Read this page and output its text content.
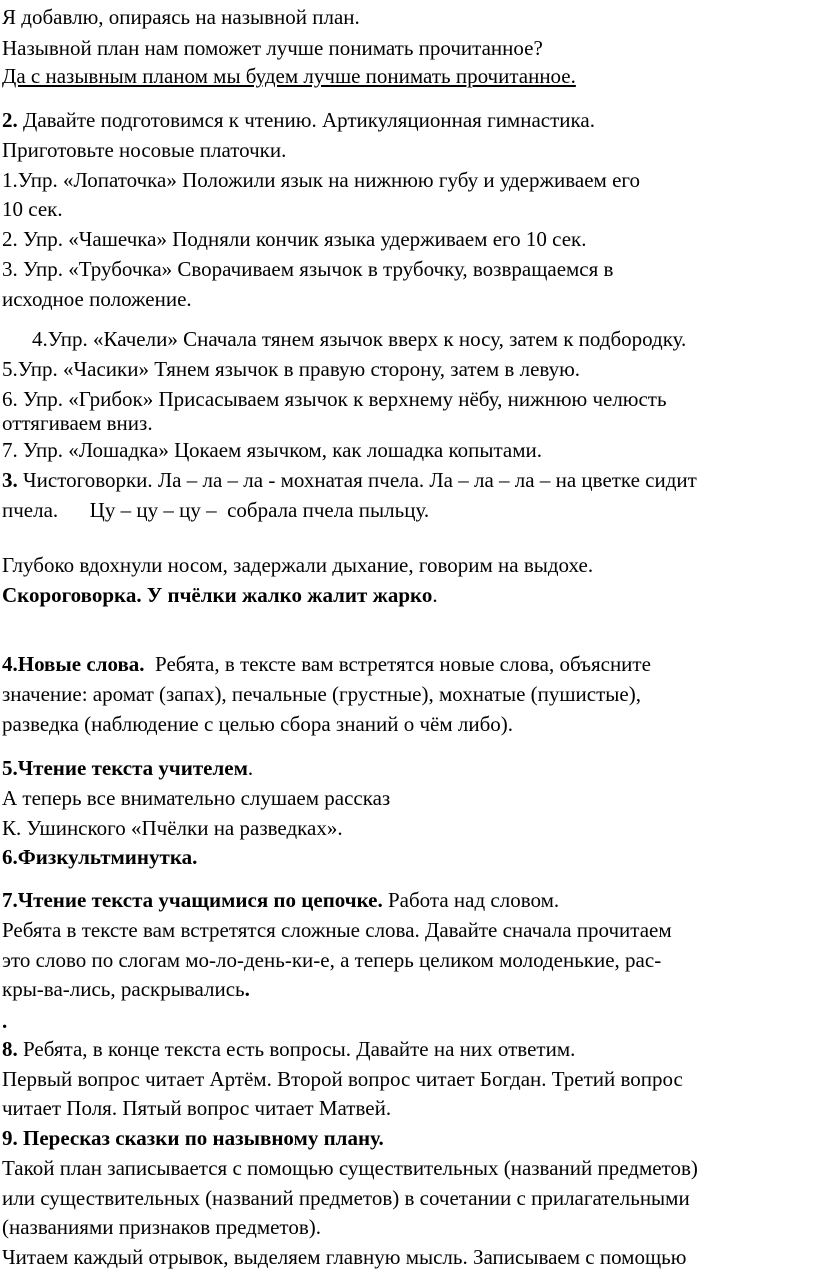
Я добавлю, опираясь на назывной план.
Назывной план нам поможет лучше понимать прочитанное?
Да с назывным планом мы будем лучше понимать прочитанное.
2. Давайте подготовимся к чтению. Артикуляционная гимнастика.
Приготовьте носовые платочки.
1.Упр. «Лопаточка» Положили язык на нижнюю губу и удерживаем его
10 сек.
2. Упр. «Чашечка» Подняли кончик языка удерживаем его 10 сек.
3. Упр. «Трубочка» Сворачиваем язычок в трубочку, возвращаемся в
исходное положение.
4.Упр. «Качели» Сначала тянем язычок вверх к носу, затем к подбородку.
5.Упр. «Часики» Тянем язычок в правую сторону, затем в левую.
6. Упр. «Грибок» Присасываем язычок к верхнему нёбу, нижнюю челюсть
оттягиваем вниз.
7. Упр. «Лошадка» Цокаем язычком, как лошадка копытами.
3. Чистоговорки. Ла – ла – ла - мохнатая пчела. Ла – ла – ла – на цветке сидит
пчела.      Цу – цу – цу –  собрала пчела пыльцу.
Глубоко вдохнули носом, задержали дыхание, говорим на выдохе.
Скороговорка. У пчёлки жалко жалит жарко.
4.Новые слова.  Ребята, в тексте вам встретятся новые слова, объясните
значение: аромат (запах), печальные (грустные), мохнатые (пушистые),
разведка (наблюдение с целью сбора знаний о чём либо).
5.Чтение текста учителем.
А теперь все внимательно слушаем рассказ
К. Ушинского «Пчёлки на разведках».
6.Физкультминутка.
7.Чтение текста учащимися по цепочке. Работа над словом.
Ребята в тексте вам встретятся сложные слова. Давайте сначала прочитаем
это слово по слогам мо-ло-день-ки-е, а теперь целиком молоденькие, рас-
кры-ва-лись, раскрывались.
.
8. Ребята, в конце текста есть вопросы. Давайте на них ответим.
Первый вопрос читает Артём. Второй вопрос читает Богдан. Третий вопрос
читает Поля. Пятый вопрос читает Матвей.
9. Пересказ сказки по назывному плану.
Такой план записывается с помощью существительных (названий предметов)
или существительных (названий предметов) в сочетании с прилагательными
(названиями признаков предметов).
Читаем каждый отрывок, выделяем главную мысль. Записываем с помощью
